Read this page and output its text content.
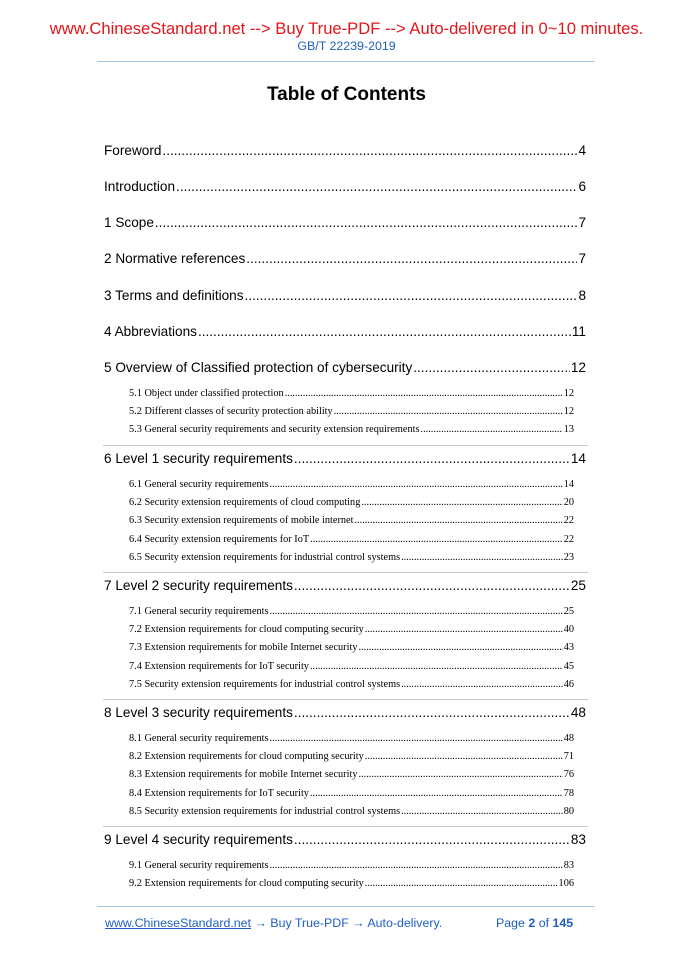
www.ChineseStandard.net --> Buy True-PDF --> Auto-delivered in 0~10 minutes.
GB/T 22239-2019
Table of Contents
Foreword .....	4
Introduction .....	6
1 Scope .....	7
2 Normative references .....	7
3 Terms and definitions .....	8
4 Abbreviations .....	11
5 Overview of Classified protection of cybersecurity .....	12
5.1 Object under classified protection .....	12
5.2 Different classes of security protection ability .....	12
5.3 General security requirements and security extension requirements .....	13
6 Level 1 security requirements .....	14
6.1 General security requirements .....	14
6.2 Security extension requirements of cloud computing .....	20
6.3 Security extension requirements of mobile internet .....	22
6.4 Security extension requirements for IoT .....	22
6.5 Security extension requirements for industrial control systems .....	23
7 Level 2 security requirements .....	25
7.1 General security requirements .....	25
7.2 Extension requirements for cloud computing security .....	40
7.3 Extension requirements for mobile Internet security .....	43
7.4 Extension requirements for IoT security .....	45
7.5 Security extension requirements for industrial control systems .....	46
8 Level 3 security requirements .....	48
8.1 General security requirements .....	48
8.2 Extension requirements for cloud computing security .....	71
8.3 Extension requirements for mobile Internet security .....	76
8.4 Extension requirements for IoT security .....	78
8.5 Security extension requirements for industrial control systems .....	80
9 Level 4 security requirements .....	83
9.1 General security requirements .....	83
9.2 Extension requirements for cloud computing security .....	106
www.ChineseStandard.net → Buy True-PDF → Auto-delivery.	Page 2 of 145
